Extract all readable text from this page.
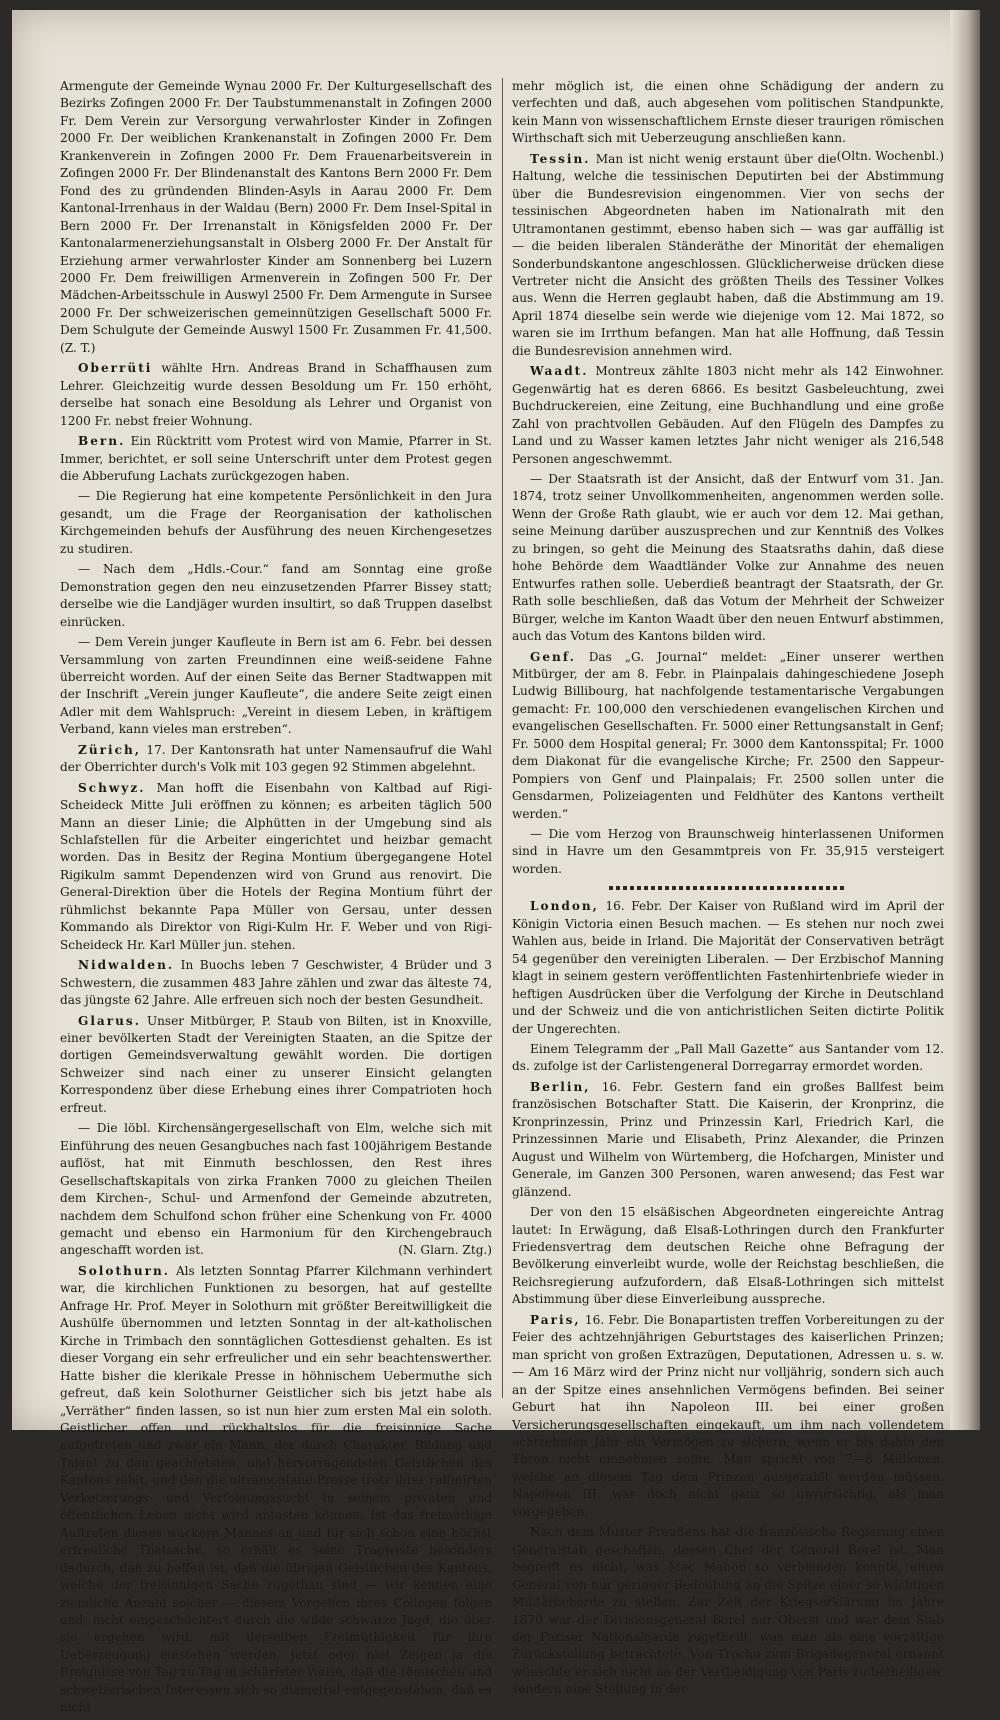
Armengute der Gemeinde Wynau 2000 Fr. Der Kulturgesellschaft des Bezirks Zofingen 2000 Fr. Der Taubstummenanstalt in Zofingen 2000 Fr. Dem Verein zur Versorgung verwahrloster Kinder in Zofingen 2000 Fr. Der weiblichen Krankenanstalt in Zofingen 2000 Fr. Dem Krankenverein in Zofingen 2000 Fr. Dem Frauenarbeitsverein in Zofingen 2000 Fr. Der Blindenanstalt des Kantons Bern 2000 Fr. Dem Fond des zu gründenden Blinden-Asyls in Aarau 2000 Fr. Dem Kantonal-Irrenhaus in der Waldau (Bern) 2000 Fr. Dem Insel-Spital in Bern 2000 Fr. Der Irrenanstalt in Königsfelden 2000 Fr. Der Kantonalarmenerziehungsanstalt in Olsberg 2000 Fr. Der Anstalt für Erziehung armer verwahrloster Kinder am Sonnenberg bei Luzern 2000 Fr. Dem freiwilligen Armenverein in Zofingen 500 Fr. Der Mädchen-Arbeitsschule in Auswyl 2500 Fr. Dem Armengute in Sursee 2000 Fr. Der schweizerischen gemeinnützigen Gesellschaft 5000 Fr. Dem Schulgute der Gemeinde Auswyl 1500 Fr. Zusammen Fr. 41,500. (Z. T.)

Oberrüti wählte Hrn. Andreas Brand in Schaffhausen zum Lehrer. Gleichzeitig wurde dessen Besoldung um Fr. 150 erhöht, derselbe hat sonach eine Besoldung als Lehrer und Organist von 1200 Fr. nebst freier Wohnung.

Bern. Ein Rücktritt vom Protest wird von Mamie, Pfarrer in St. Immer, berichtet, er soll seine Unterschrift unter dem Protest gegen die Abberufung Lachats zurückgezogen haben.

— Die Regierung hat eine kompetente Persönlichkeit in den Jura gesandt, um die Frage der Reorganisation der katholischen Kirchgemeinden behufs der Ausführung des neuen Kirchengesetzes zu studiren.

— Nach dem „Hdls.-Cour.“ fand am Sonntag eine große Demonstration gegen den neu einzusetzenden Pfarrer Bissey statt; derselbe wie die Landjäger wurden insultirt, so daß Truppen daselbst einrücken.

— Dem Verein junger Kaufleute in Bern ist am 6. Febr. bei dessen Versammlung von zarten Freundinnen eine weiß-seidene Fahne überreicht worden. Auf der einen Seite das Berner Stadtwappen mit der Inschrift „Verein junger Kaufleute“, die andere Seite zeigt einen Adler mit dem Wahlspruch: „Vereint in diesem Leben, in kräftigem Verband, kann vieles man erstreben“.

Zürich, 17. Der Kantonsrath hat unter Namensaufruf die Wahl der Oberrichter durch's Volk mit 103 gegen 92 Stimmen abgelehnt.

Schwyz. Man hofft die Eisenbahn von Kaltbad auf Rigi-Scheideck Mitte Juli eröffnen zu können; es arbeiten täglich 500 Mann an dieser Linie; die Alphütten in der Umgebung sind als Schlafstellen für die Arbeiter eingerichtet und heizbar gemacht worden. Das in Besitz der Regina Montium übergegangene Hotel Rigikulm sammt Dependenzen wird von Grund aus renovirt. Die General-Direktion über die Hotels der Regina Montium führt der rühmlichst bekannte Papa Müller von Gersau, unter dessen Kommando als Direktor von Rigi-Kulm Hr. F. Weber und von Rigi-Scheideck Hr. Karl Müller jun. stehen.

Nidwalden. In Buochs leben 7 Geschwister, 4 Brüder und 3 Schwestern, die zusammen 483 Jahre zählen und zwar das älteste 74, das jüngste 62 Jahre. Alle erfreuen sich noch der besten Gesundheit.

Glarus. Unser Mitbürger, P. Staub von Bilten, ist in Knoxville, einer bevölkerten Stadt der Vereinigten Staaten, an die Spitze der dortigen Gemeindsverwaltung gewählt worden. Die dortigen Schweizer sind nach einer zu unserer Einsicht gelangten Korrespondenz über diese Erhebung eines ihrer Compatrioten hoch erfreut.

— Die löbl. Kirchensängergesellschaft von Elm, welche sich mit Einführung des neuen Gesangbuches nach fast 100jährigem Bestande auflöst, hat mit Einmuth beschlossen, den Rest ihres Gesellschaftskapitals von zirka Franken 7000 zu gleichen Theilen dem Kirchen-, Schul- und Armenfond der Gemeinde abzutreten, nachdem dem Schulfond schon früher eine Schenkung von Fr. 4000 gemacht und ebenso ein Harmonium für den Kirchengebrauch angeschafft worden ist.	(N. Glarn. Ztg.)

Solothurn. Als letzten Sonntag Pfarrer Kilchmann verhindert war, die kirchlichen Funktionen zu besorgen, hat auf gestellte Anfrage Hr. Prof. Meyer in Solothurn mit größter Bereitwilligkeit die Aushülfe übernommen und letzten Sonntag in der alt-katholischen Kirche in Trimbach den sonntäglichen Gottesdienst gehalten. Es ist dieser Vorgang ein sehr erfreulicher und ein sehr beachtenswerther. Hatte bisher die klerikale Presse in höhnischem Uebermuthe sich gefreut, daß kein Solothurner Geistlicher sich bis jetzt habe als „Verräther“ finden lassen, so ist nun hier zum ersten Mal ein soloth. Geistlicher offen und rückhaltslos für die freisinnige Sache aufgetreten und zwar ein Mann, der durch Charakter, Bildung und Talent zu den geachtetsten, und hervorragendsten Geistlichen des Kantons zählt, und den die ultramontane Presse trotz ihrer raffinirten Verketzerungs- und Verfolgungssucht in seinem privaten und öffentlichen Leben nicht wird antasten können. Ist das freimüthige Auftreten dieses wackern Mannes an und für sich schon eine höchst erfreuliche Thatsache, so erhält es seine Tragweite besonders dadurch, daß zu hoffen ist, daß die übrigen Geistlichen des Kantons, welche der freisinnigen Sache zugethan sind — wir kennen eine ziemliche Anzahl solcher — diesem Vorgehen ihres Collegen folgen und, nicht eingeschüchtert durch die wilde schwarze Jagd, die über sie ergehen wird, mit derselben Freimüthigkeit für ihre Ueberzeugung einstehen werden. Jetzt oder nie! Zeigen ja die Ereignisse von Tag zu Tag in schärfster Weise, daß die römischen und schweizerischen Interessen sich so diametral entgegenstehen, daß es nicht

mehr möglich ist, die einen ohne Schädigung der andern zu verfechten und daß, auch abgesehen vom politischen Standpunkte, kein Mann von wissenschaftlichem Ernste dieser traurigen römischen Wirthschaft sich mit Ueberzeugung anschließen kann.
(Oltn. Wochenbl.)

Tessin. Man ist nicht wenig erstaunt über die Haltung, welche die tessinischen Deputirten bei der Abstimmung über die Bundesrevision eingenommen. Vier von sechs der tessinischen Abgeordneten haben im Nationalrath mit den Ultramontanen gestimmt, ebenso haben sich — was gar auffällig ist — die beiden liberalen Ständeräthe der Minorität der ehemaligen Sonderbundskantone angeschlossen. Glücklicherweise drücken diese Vertreter nicht die Ansicht des größten Theils des Tessiner Volkes aus. Wenn die Herren geglaubt haben, daß die Abstimmung am 19. April 1874 dieselbe sein werde wie diejenige vom 12. Mai 1872, so waren sie im Irrthum befangen. Man hat alle Hoffnung, daß Tessin die Bundesrevision annehmen wird.

Waadt. Montreux zählte 1803 nicht mehr als 142 Einwohner. Gegenwärtig hat es deren 6866. Es besitzt Gasbeleuchtung, zwei Buchdruckereien, eine Zeitung, eine Buchhandlung und eine große Zahl von prachtvollen Gebäuden. Auf den Flügeln des Dampfes zu Land und zu Wasser kamen letztes Jahr nicht weniger als 216,548 Personen angeschwemmt.

— Der Staatsrath ist der Ansicht, daß der Entwurf vom 31. Jan. 1874, trotz seiner Unvollkommenheiten, angenommen werden solle. Wenn der Große Rath glaubt, wie er auch vor dem 12. Mai gethan, seine Meinung darüber auszusprechen und zur Kenntniß des Volkes zu bringen, so geht die Meinung des Staatsraths dahin, daß diese hohe Behörde dem Waadtländer Volke zur Annahme des neuen Entwurfes rathen solle. Ueberdieß beantragt der Staatsrath, der Gr. Rath solle beschließen, daß das Votum der Mehrheit der Schweizer Bürger, welche im Kanton Waadt über den neuen Entwurf abstimmen, auch das Votum des Kantons bilden wird.

Genf. Das „G. Journal“ meldet: „Einer unserer werthen Mitbürger, der am 8. Febr. in Plainpalais dahingeschiedene Joseph Ludwig Billibourg, hat nachfolgende testamentarische Vergabungen gemacht: Fr. 100,000 den verschiedenen evangelischen Kirchen und evangelischen Gesellschaften. Fr. 5000 einer Rettungsanstalt in Genf; Fr. 5000 dem Hospital general; Fr. 3000 dem Kantonsspital; Fr. 1000 dem Diakonat für die evangelische Kirche; Fr. 2500 den Sappeur-Pompiers von Genf und Plainpalais; Fr. 2500 sollen unter die Gensdarmen, Polizeiagenten und Feldhüter des Kantons vertheilt werden.“

— Die vom Herzog von Braunschweig hinterlassenen Uniformen sind in Havre um den Gesammtpreis von Fr. 35,915 versteigert worden.

London, 16. Febr. Der Kaiser von Rußland wird im April der Königin Victoria einen Besuch machen. — Es stehen nur noch zwei Wahlen aus, beide in Irland. Die Majorität der Conservativen beträgt 54 gegenüber den vereinigten Liberalen. — Der Erzbischof Manning klagt in seinem gestern veröffentlichten Fastenhirtenbriefe wieder in heftigen Ausdrücken über die Verfolgung der Kirche in Deutschland und der Schweiz und die von antichristlichen Seiten dictirte Politik der Ungerechten.

Einem Telegramm der „Pall Mall Gazette“ aus Santander vom 12. ds. zufolge ist der Carlistengeneral Dorregarray ermordet worden.

Berlin, 16. Febr. Gestern fand ein großes Ballfest beim französischen Botschafter Statt. Die Kaiserin, der Kronprinz, die Kronprinzessin, Prinz und Prinzessin Karl, Friedrich Karl, die Prinzessinnen Marie und Elisabeth, Prinz Alexander, die Prinzen August und Wilhelm von Würtemberg, die Hofchargen, Minister und Generale, im Ganzen 300 Personen, waren anwesend; das Fest war glänzend.

Der von den 15 elsäßischen Abgeordneten eingereichte Antrag lautet: In Erwägung, daß Elsaß-Lothringen durch den Frankfurter Friedensvertrag dem deutschen Reiche ohne Befragung der Bevölkerung einverleibt wurde, wolle der Reichstag beschließen, die Reichsregierung aufzufordern, daß Elsaß-Lothringen sich mittelst Abstimmung über diese Einverleibung ausspreche.

Paris, 16. Febr. Die Bonapartisten treffen Vorbereitungen zu der Feier des achtzehnjährigen Geburtstages des kaiserlichen Prinzen; man spricht von großen Extrazügen, Deputationen, Adressen u. s. w. — Am 16 März wird der Prinz nicht nur volljährig, sondern sich auch an der Spitze eines ansehnlichen Vermögens befinden. Bei seiner Geburt hat ihn Napoleon III. bei einer großen Versicherungsgesellschaften eingekauft, um ihm nach vollendetem achtzehnten Jahr ein Vermögen zu sichern, wenn er bis dahin den Thron nicht einnehmen sollte. Man spricht von 7—8 Millionen, welche an diesem Tag dem Prinzen ausgezahlt werden müssen. Napoleon III. war doch nicht ganz so unvorsichtig, als man vorgegeben.

Nach dem Muster Preußens hat die französische Regierung einen Generalstab geschaffen, dessen Chef der General Borel ist. Man begreift es nicht, was Mac Mahon so verblenden konnte, einen General von nur geringer Bedeutung an die Spitze einer so wichtigen Militärbehörde zu stellen. Zur Zeit der Kriegserklärung im Jahre 1870 war der Divisionsgeneral Borel nur Oberst und war dem Stab der Pariser Nationalgarde zugetheilt, was man als eine vorzeitige Zurückstellung betrachtete. Von Trochu zum Brigadegeneral ernannt wünschte er sich nicht an der Vertheidigung von Paris zu betheiligen, sondern eine Stellung in der
